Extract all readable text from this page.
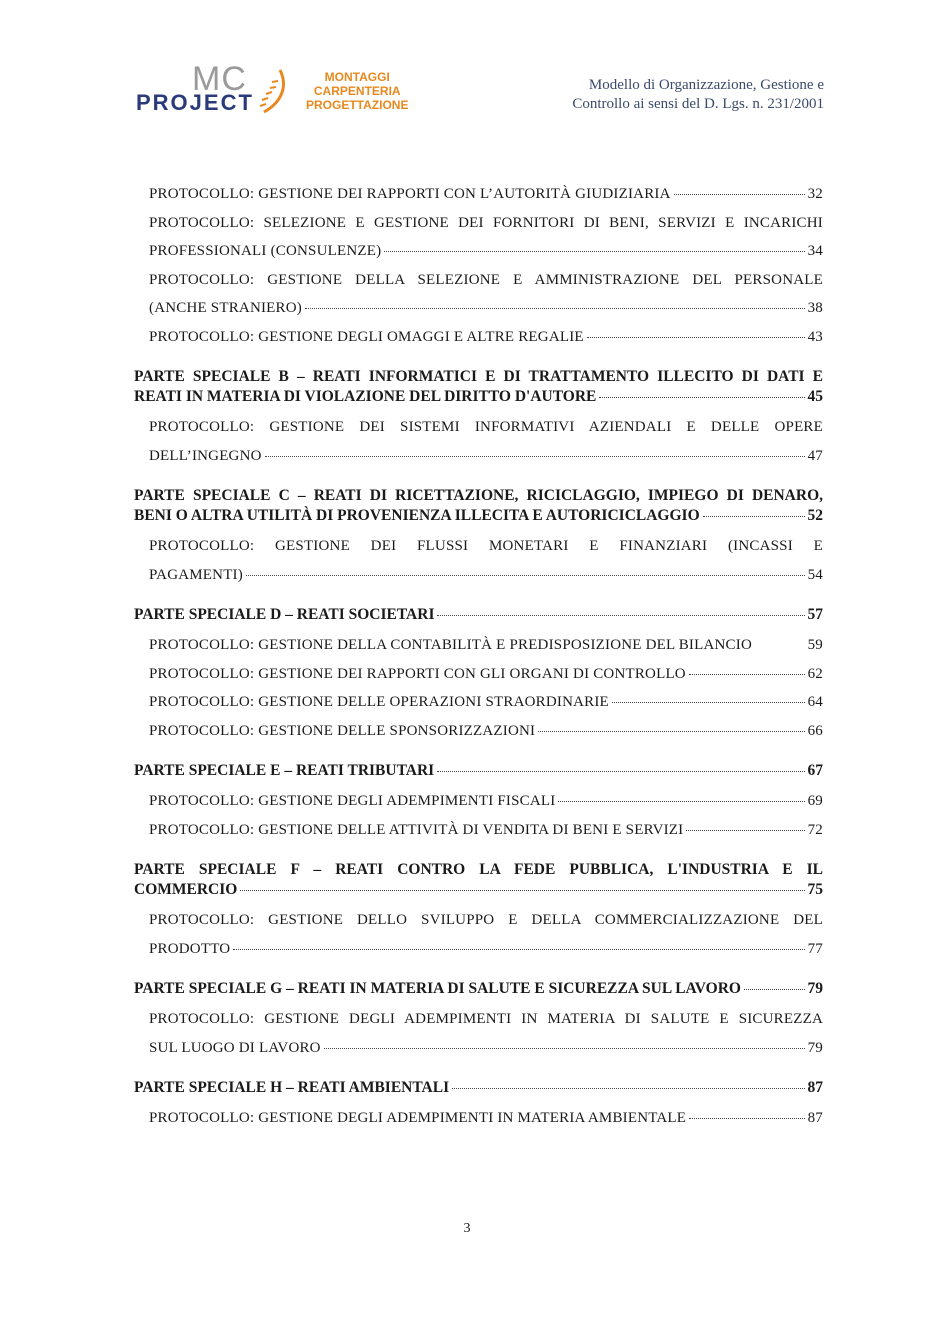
MC
PROJECT
MONTAGGI
CARPENTERIA
PROGETTAZIONE
Modello di Organizzazione, Gestione e
Controllo ai sensi del D. Lgs. n. 231/2001
PROTOCOLLO: GESTIONE DEI RAPPORTI CON L’AUTORITÀ GIUDIZIARIA	32
PROTOCOLLO: SELEZIONE E GESTIONE DEI FORNITORI DI BENI, SERVIZI E INCARICHI
PROFESSIONALI (CONSULENZE)	34
PROTOCOLLO: GESTIONE DELLA SELEZIONE E AMMINISTRAZIONE DEL PERSONALE
(ANCHE STRANIERO)	38
PROTOCOLLO: GESTIONE DEGLI OMAGGI E ALTRE REGALIE	43
PARTE SPECIALE B – REATI INFORMATICI E DI TRATTAMENTO ILLECITO DI DATI E
REATI IN MATERIA DI VIOLAZIONE DEL DIRITTO D'AUTORE	45
PROTOCOLLO: GESTIONE DEI SISTEMI INFORMATIVI AZIENDALI E DELLE OPERE
DELL’INGEGNO	47
PARTE SPECIALE C – REATI DI RICETTAZIONE, RICICLAGGIO, IMPIEGO DI DENARO,
BENI O ALTRA UTILITÀ DI PROVENIENZA ILLECITA E AUTORICICLAGGIO	52
PROTOCOLLO: GESTIONE DEI FLUSSI MONETARI E FINANZIARI (INCASSI E
PAGAMENTI)	54
PARTE SPECIALE D – REATI SOCIETARI	57
PROTOCOLLO: GESTIONE DELLA CONTABILITÀ E PREDISPOSIZIONE DEL BILANCIO	59
PROTOCOLLO: GESTIONE DEI RAPPORTI CON GLI ORGANI DI CONTROLLO	62
PROTOCOLLO: GESTIONE DELLE OPERAZIONI STRAORDINARIE	64
PROTOCOLLO: GESTIONE DELLE SPONSORIZZAZIONI	66
PARTE SPECIALE E – REATI TRIBUTARI	67
PROTOCOLLO: GESTIONE DEGLI ADEMPIMENTI FISCALI	69
PROTOCOLLO: GESTIONE DELLE ATTIVITÀ DI VENDITA DI BENI E SERVIZI	72
PARTE SPECIALE F – REATI CONTRO LA FEDE PUBBLICA, L'INDUSTRIA E IL
COMMERCIO	75
PROTOCOLLO: GESTIONE DELLO SVILUPPO E DELLA COMMERCIALIZZAZIONE DEL
PRODOTTO	77
PARTE SPECIALE G – REATI IN MATERIA DI SALUTE E SICUREZZA SUL LAVORO	79
PROTOCOLLO: GESTIONE DEGLI ADEMPIMENTI IN MATERIA DI SALUTE E SICUREZZA
SUL LUOGO DI LAVORO	79
PARTE SPECIALE H – REATI AMBIENTALI	87
PROTOCOLLO: GESTIONE DEGLI ADEMPIMENTI IN MATERIA AMBIENTALE	87
3
